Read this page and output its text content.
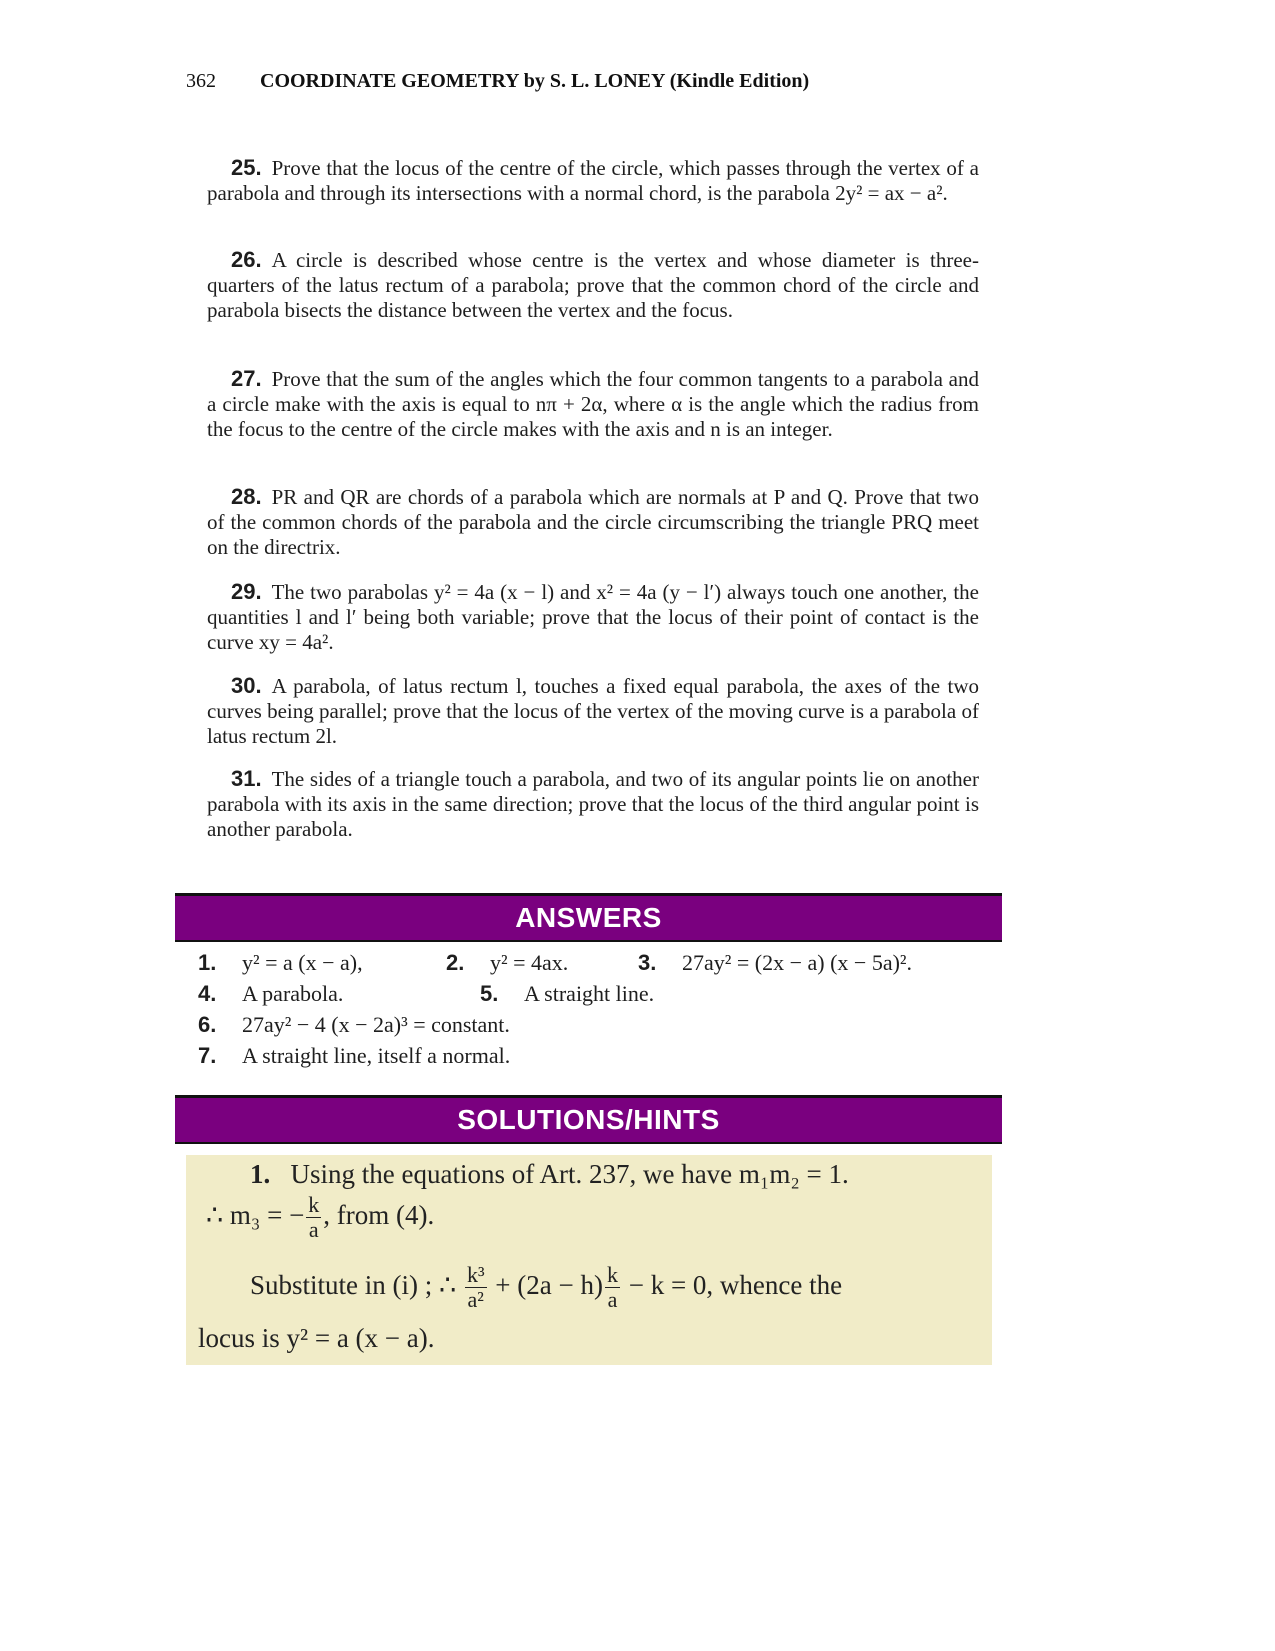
362 COORDINATE GEOMETRY by S. L. LONEY (Kindle Edition)

25. Prove that the locus of the centre of the circle, which passes through the vertex of a parabola and through its intersections with a normal chord, is the parabola 2y² = ax − a².

26. A circle is described whose centre is the vertex and whose diameter is three-quarters of the latus rectum of a parabola; prove that the common chord of the circle and parabola bisects the distance between the vertex and the focus.

27. Prove that the sum of the angles which the four common tangents to a parabola and a circle make with the axis is equal to nπ + 2α, where α is the angle which the radius from the focus to the centre of the circle makes with the axis and n is an integer.

28. PR and QR are chords of a parabola which are normals at P and Q. Prove that two of the common chords of the parabola and the circle circumscribing the triangle PRQ meet on the directrix.

29. The two parabolas y² = 4a (x − l) and x² = 4a (y − l′) always touch one another, the quantities l and l′ being both variable; prove that the locus of their point of contact is the curve xy = 4a².

30. A parabola, of latus rectum l, touches a fixed equal parabola, the axes of the two curves being parallel; prove that the locus of the vertex of the moving curve is a parabola of latus rectum 2l.

31. The sides of a triangle touch a parabola, and two of its angular points lie on another parabola with its axis in the same direction; prove that the locus of the third angular point is another parabola.

ANSWERS
1. y² = a (x − a),	2. y² = 4ax.	3. 27ay² = (2x − a) (x − 5a)².
4. A parabola.	5. A straight line.
6. 27ay² − 4 (x − 2a)³ = constant.
7. A straight line, itself a normal.
SOLUTIONS/HINTS
1. Using the equations of Art. 237, we have m₁m₂ = 1.
∴ m₃ = − $\frac{k}{a}$ , from (4).
Substitute in (i) ; ∴ $\frac{\text{k³}}{\text{a²}} + (2a - h) \frac{k}{a} - k = 0$, whence the
locus is y² = a (x − a).
